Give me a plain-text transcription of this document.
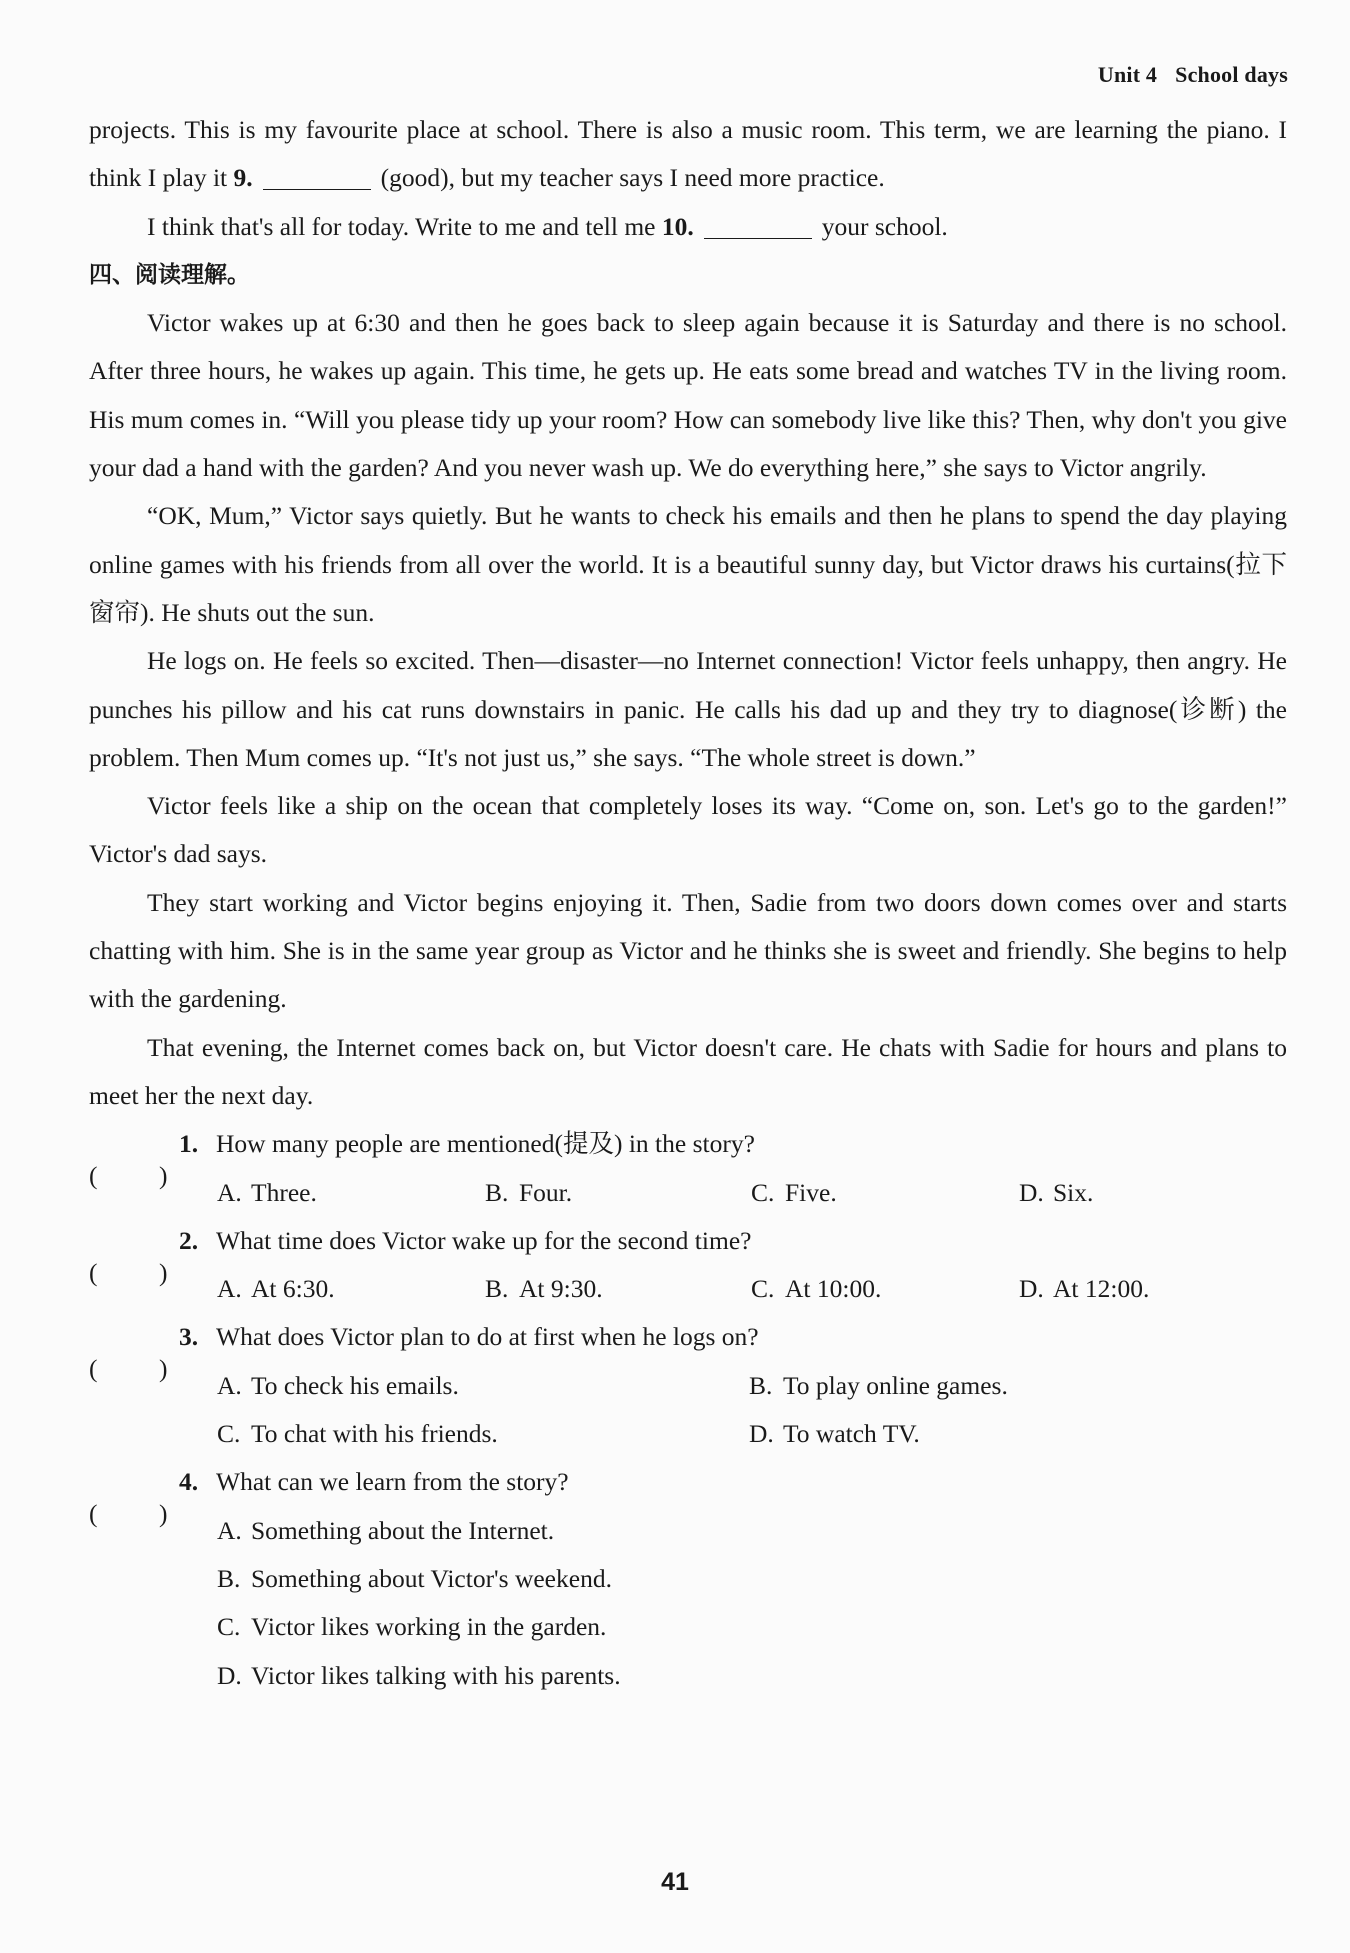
Unit 4 School days

projects. This is my favourite place at school. There is also a music room. This term, we are learning the piano. I think I play it 9.	(good), but my teacher says I need more practice.

I think that's all for today. Write to me and tell me 10.	your school.

四、阅读理解。

Victor wakes up at 6:30 and then he goes back to sleep again because it is Saturday and there is no school. After three hours, he wakes up again. This time, he gets up. He eats some bread and watches TV in the living room. His mum comes in. “Will you please tidy up your room? How can somebody live like this? Then, why don't you give your dad a hand with the garden? And you never wash up. We do everything here,” she says to Victor angrily.

“OK, Mum,” Victor says quietly. But he wants to check his emails and then he plans to spend the day playing online games with his friends from all over the world. It is a beautiful sunny day, but Victor draws his curtains(拉下窗帘). He shuts out the sun.

He logs on. He feels so excited. Then—disaster—no Internet connection! Victor feels unhappy, then angry. He punches his pillow and his cat runs downstairs in panic. He calls his dad up and they try to diagnose(诊断) the problem. Then Mum comes up. “It's not just us,” she says. “The whole street is down.”

Victor feels like a ship on the ocean that completely loses its way. “Come on, son. Let's go to the garden!” Victor's dad says.

They start working and Victor begins enjoying it. Then, Sadie from two doors down comes over and starts chatting with him. She is in the same year group as Victor and he thinks she is sweet and friendly. She begins to help with the gardening.

That evening, the Internet comes back on, but Victor doesn't care. He chats with Sadie for hours and plans to meet her the next day.

( )
1. How many people are mentioned(提及) in the story?
A. Three.	B. Four.	C. Five.	D. Six.
( )
2. What time does Victor wake up for the second time?
A. At 6:30.	B. At 9:30.	C. At 10:00.	D. At 12:00.
( )
3. What does Victor plan to do at first when he logs on?
A. To check his emails.	B. To play online games.
C. To chat with his friends.	D. To watch TV.
( )
4. What can we learn from the story?
A. Something about the Internet.
B. Something about Victor's weekend.
C. Victor likes working in the garden.
D. Victor likes talking with his parents.
41
